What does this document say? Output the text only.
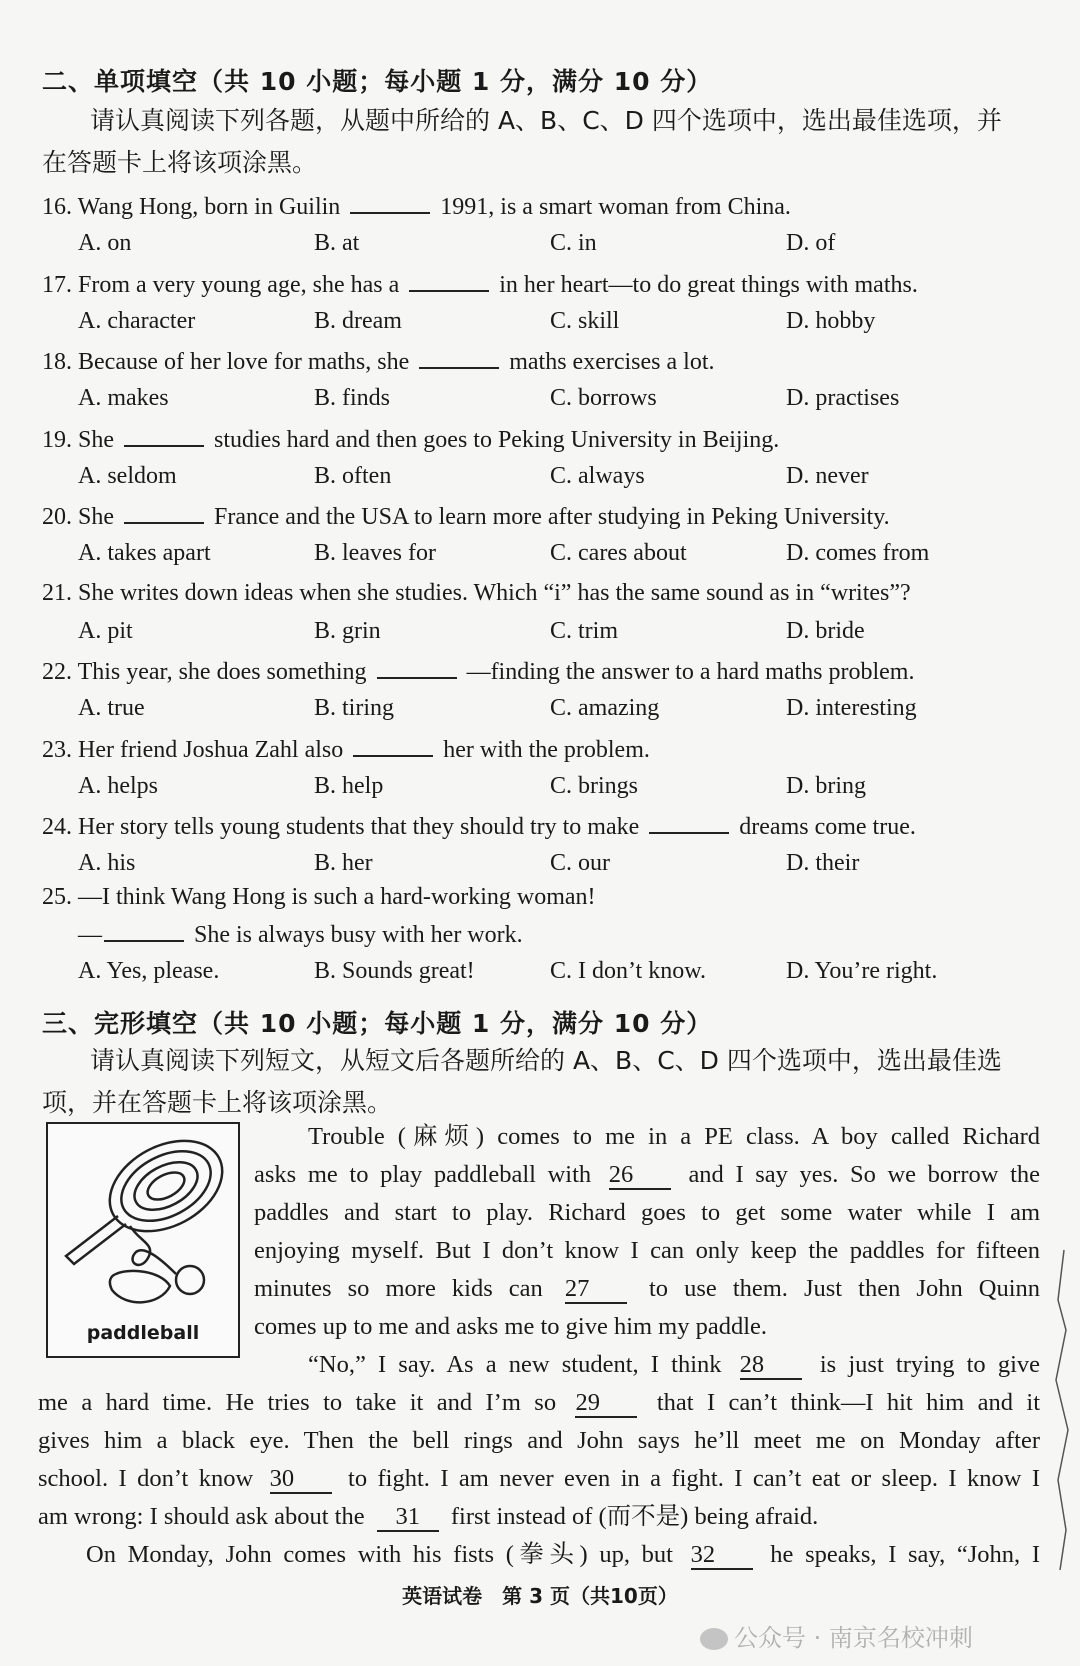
二、单项填空（共 10 小题；每小题 1 分，满分 10 分）
请认真阅读下列各题，从题中所给的 A、B、C、D 四个选项中，选出最佳选项，并
在答题卡上将该项涂黑。
16. Wang Hong, born in Guilin	1991, is a smart woman from China.
A. on	B. at	C. in	D. of
17. From a very young age, she has a	in her heart—to do great things with maths.
A. character	B. dream	C. skill	D. hobby
18. Because of her love for maths, she	maths exercises a lot.
A. makes	B. finds	C. borrows	D. practises
19. She	studies hard and then goes to Peking University in Beijing.
A. seldom	B. often	C. always	D. never
20. She	France and the USA to learn more after studying in Peking University.
A. takes apart	B. leaves for	C. cares about	D. comes from
21. She writes down ideas when she studies. Which “i” has the same sound as in “writes”?
A. pit	B. grin	C. trim	D. bride
22. This year, she does something	—finding the answer to a hard maths problem.
A. true	B. tiring	C. amazing	D. interesting
23. Her friend Joshua Zahl also	her with the problem.
A. helps	B. help	C. brings	D. bring
24. Her story tells young students that they should try to make	dreams come true.
A. his	B. her	C. our	D. their
25. —I think Wang Hong is such a hard-working woman!
—	She is always busy with her work.
A. Yes, please.	B. Sounds great!	C. I don’t know.	D. You’re right.
三、完形填空（共 10 小题；每小题 1 分，满分 10 分）
请认真阅读下列短文，从短文后各题所给的 A、B、C、D 四个选项中，选出最佳选
项，并在答题卡上将该项涂黑。
paddleball
Trouble (麻烦) comes to me in a PE class. A boy called Richard
asks me to play paddleball with 26 and I say yes. So we borrow the
paddles and start to play. Richard goes to get some water while I am
enjoying myself. But I don’t know I can only keep the paddles for fifteen
minutes so more kids can 27 to use them. Just then John Quinn
comes up to me and asks me to give him my paddle.
“No,” I say. As a new student, I think 28 is just trying to give
me a hard time. He tries to take it and I’m so 29 that I can’t think—I hit him and it
gives him a black eye. Then the bell rings and John says he’ll meet me on Monday after
school. I don’t know 30 to fight. I am never even in a fight. I can’t eat or sleep. I know I
am wrong: I should ask about the 31 first instead of (而不是) being afraid.
On Monday, John comes with his fists (拳头) up, but 32 he speaks, I say, “John, I
英语试卷　第 3 页（共10页）
公众号 · 南京名校冲刺
